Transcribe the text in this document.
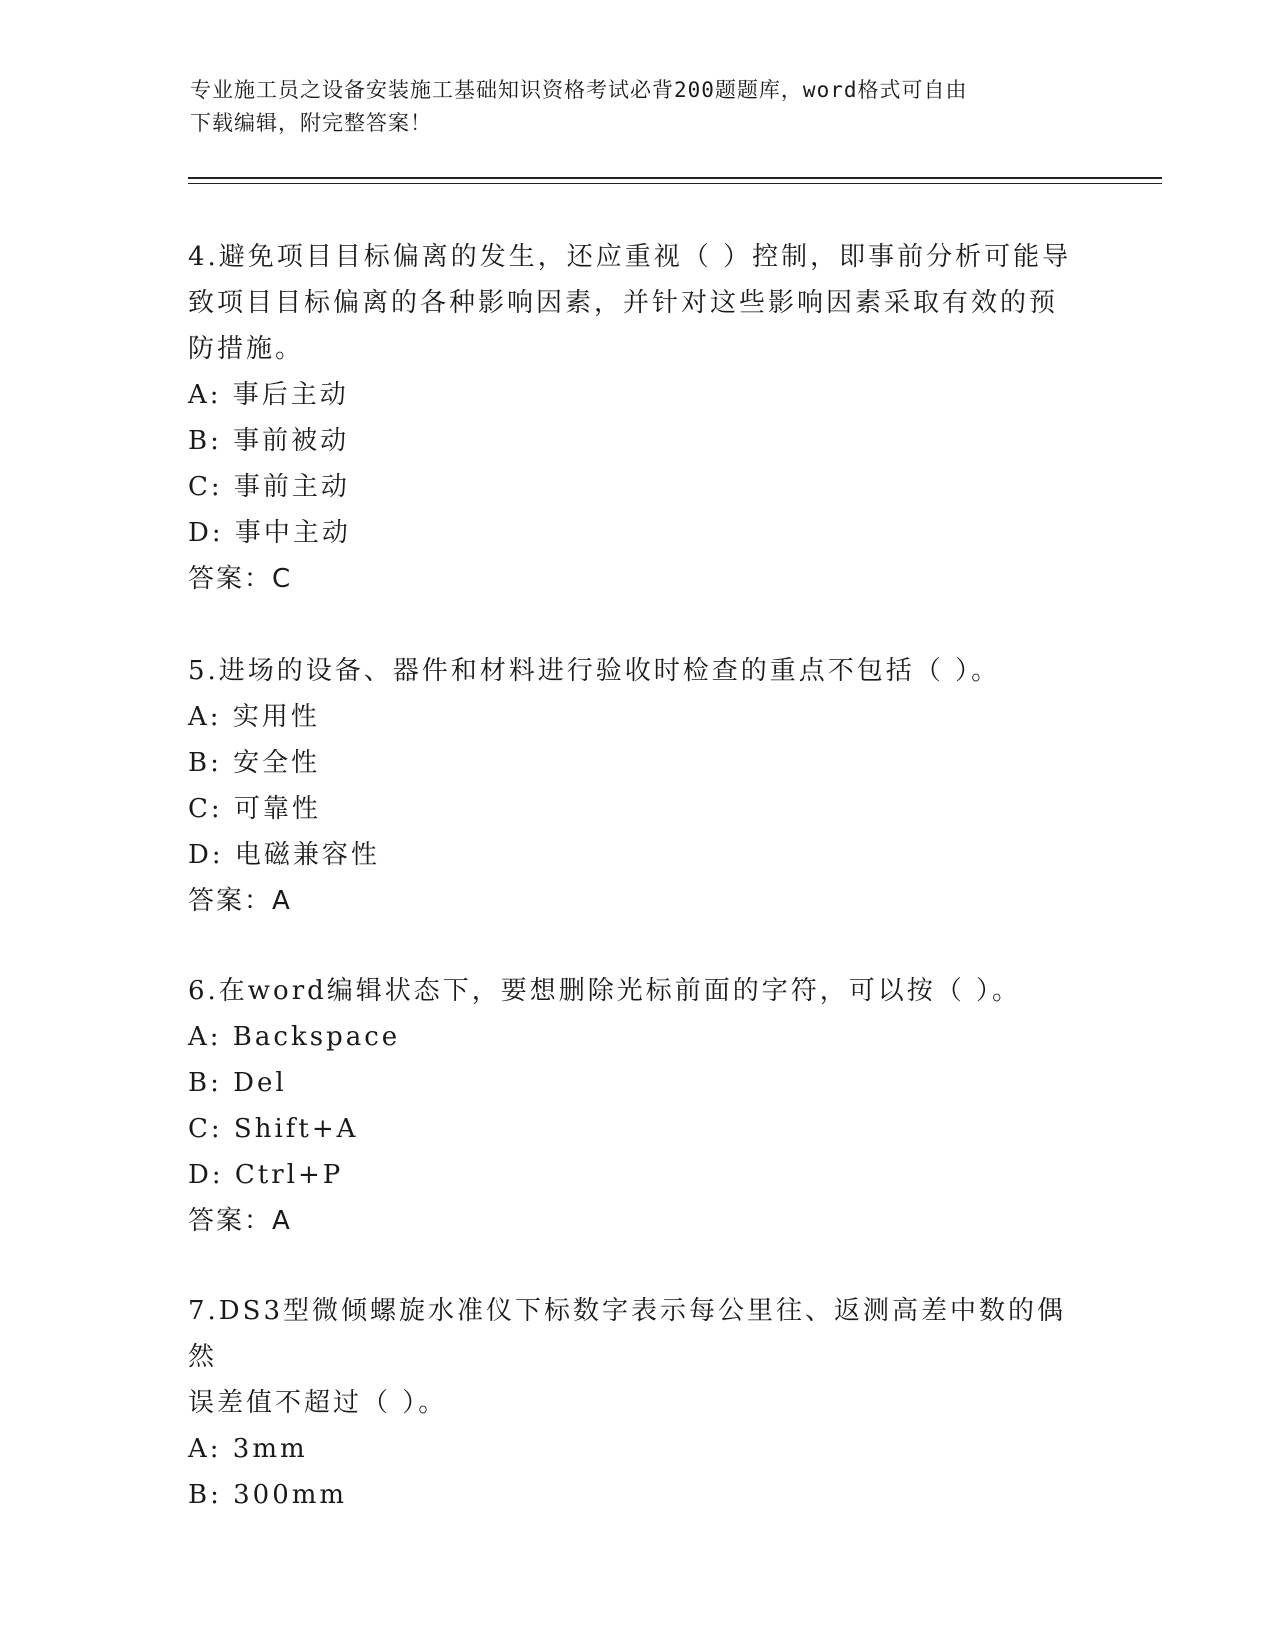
专业施工员之设备安装施工基础知识资格考试必背200题题库，word格式可自由
下载编辑，附完整答案！

4.避免项目目标偏离的发生，还应重视（ ）控制，即事前分析可能导

致项目目标偏离的各种影响因素，并针对这些影响因素采取有效的预

防措施。

A: 事后主动

B: 事前被动

C: 事前主动

D: 事中主动

答案：C

5.进场的设备、器件和材料进行验收时检查的重点不包括（ ）。

A: 实用性

B: 安全性

C: 可靠性

D: 电磁兼容性

答案：A

6.在word编辑状态下，要想删除光标前面的字符，可以按（ ）。

A: Backspace

B: Del

C: Shift+A

D: Ctrl+P

答案：A

7.DS3型微倾螺旋水准仪下标数字表示每公里往、返测高差中数的偶然

误差值不超过（ ）。

A: 3mm

B: 300mm
